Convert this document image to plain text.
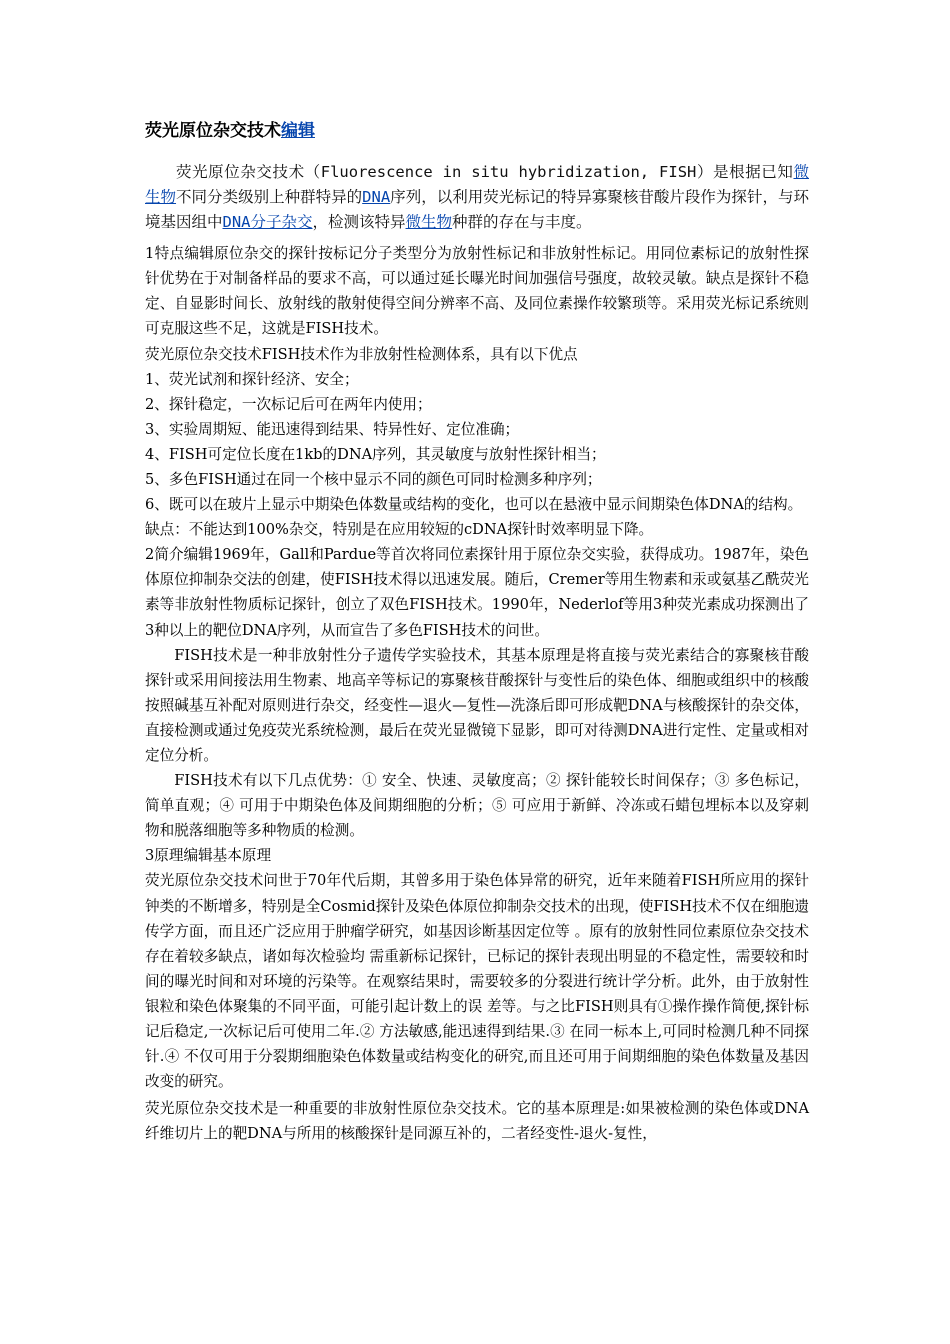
荧光原位杂交技术编辑
荧光原位杂交技术（Fluorescence in situ hybridization, FISH）是根据已知微生物不同分类级别上种群特异的DNA序列，以利用荧光标记的特异寡聚核苷酸片段作为探针，与环境基因组中DNA分子杂交，检测该特异微生物种群的存在与丰度。

1特点编辑原位杂交的探针按标记分子类型分为放射性标记和非放射性标记。用同位素标记的放射性探针优势在于对制备样品的要求不高，可以通过延长曝光时间加强信号强度，故较灵敏。缺点是探针不稳定、自显影时间长、放射线的散射使得空间分辨率不高、及同位素操作较繁琐等。采用荧光标记系统则可克服这些不足，这就是FISH技术。

荧光原位杂交技术FISH技术作为非放射性检测体系，具有以下优点

1、荧光试剂和探针经济、安全；

2、探针稳定，一次标记后可在两年内使用；

3、实验周期短、能迅速得到结果、特异性好、定位准确；

4、FISH可定位长度在1kb的DNA序列，其灵敏度与放射性探针相当；

5、多色FISH通过在同一个核中显示不同的颜色可同时检测多种序列；

6、既可以在玻片上显示中期染色体数量或结构的变化，也可以在悬液中显示间期染色体DNA的结构。

缺点：不能达到100%杂交，特别是在应用较短的cDNA探针时效率明显下降。

2简介编辑1969年，Gall和Pardue等首次将同位素探针用于原位杂交实验，获得成功。1987年，染色体原位抑制杂交法的创建，使FISH技术得以迅速发展。随后，Cremer等用生物素和汞或氨基乙酰荧光素等非放射性物质标记探针，创立了双色FISH技术。1990年，Nederlof等用3种荧光素成功探测出了3种以上的靶位DNA序列，从而宣告了多色FISH技术的问世。

FISH技术是一种非放射性分子遗传学实验技术，其基本原理是将直接与荧光素结合的寡聚核苷酸探针或采用间接法用生物素、地高辛等标记的寡聚核苷酸探针与变性后的染色体、细胞或组织中的核酸按照碱基互补配对原则进行杂交，经变性—退火—复性—洗涤后即可形成靶DNA与核酸探针的杂交体，直接检测或通过免疫荧光系统检测，最后在荧光显微镜下显影，即可对待测DNA进行定性、定量或相对定位分析。

FISH技术有以下几点优势：① 安全、快速、灵敏度高；② 探针能较长时间保存；③ 多色标记，简单直观；④ 可用于中期染色体及间期细胞的分析；⑤ 可应用于新鲜、冷冻或石蜡包埋标本以及穿刺物和脱落细胞等多种物质的检测。

3原理编辑基本原理

荧光原位杂交技术问世于70年代后期，其曾多用于染色体异常的研究，近年来随着FISH所应用的探针钟类的不断增多，特别是全Cosmid探针及染色体原位抑制杂交技术的出现，使FISH技术不仅在细胞遗传学方面，而且还广泛应用于肿瘤学研究，如基因诊断基因定位等 。原有的放射性同位素原位杂交技术存在着较多缺点，诸如每次检验均 需重新标记探针，已标记的探针表现出明显的不稳定性，需要较和时间的曝光时间和对环境的污染等。在观察结果时，需要较多的分裂进行统计学分析。此外，由于放射性银粒和染色体聚集的不同平面，可能引起计数上的误 差等。与之比FISH则具有①操作操作简便,探针标记后稳定,一次标记后可使用二年.② 方法敏感,能迅速得到结果.③ 在同一标本上,可同时检测几种不同探针.④ 不仅可用于分裂期细胞染色体数量或结构变化的研究,而且还可用于间期细胞的染色体数量及基因改变的研究。

荧光原位杂交技术是一种重要的非放射性原位杂交技术。它的基本原理是:如果被检测的染色体或DNA纤维切片上的靶DNA与所用的核酸探针是同源互补的，二者经变性-退火-复性，
